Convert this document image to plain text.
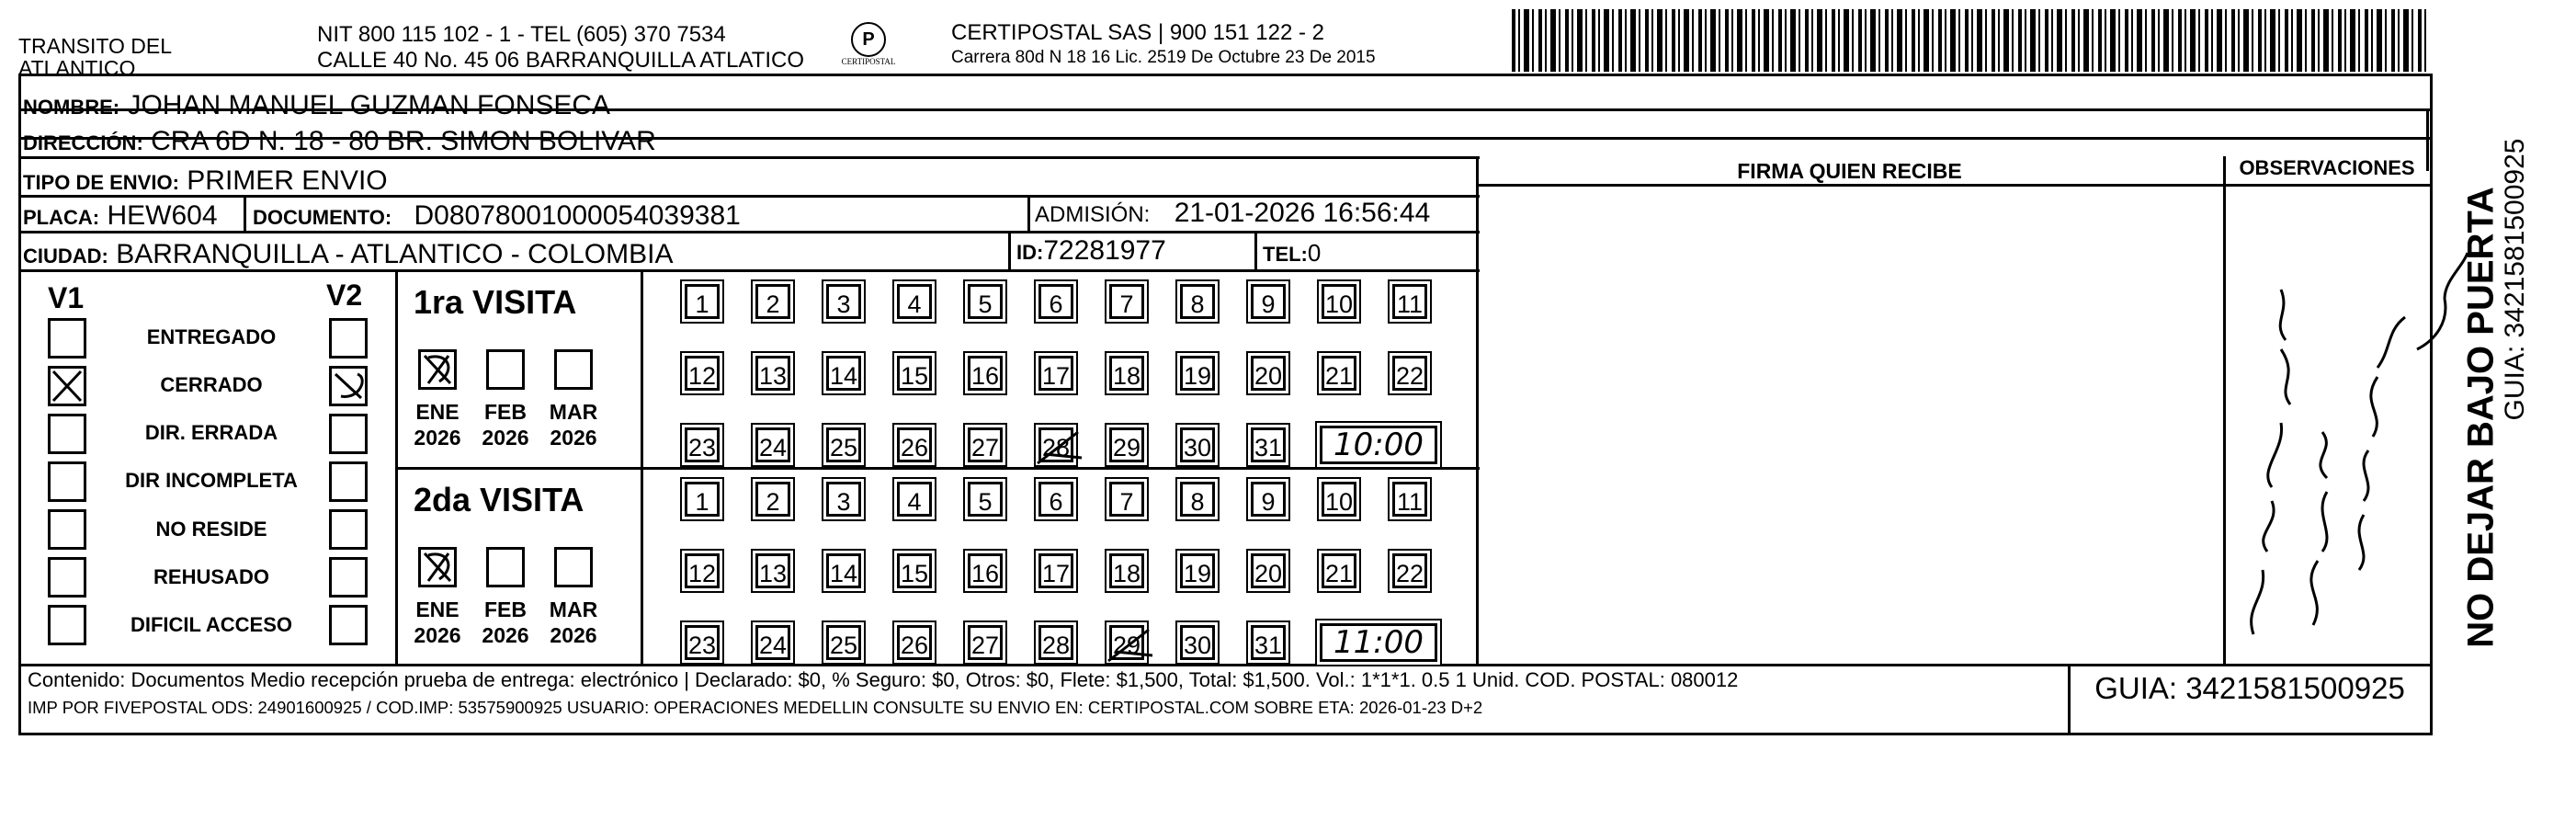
TRANSITO DEL
ATLANTICO
NIT 800 115 102 - 1 - TEL (605) 370 7534
CALLE 40 No. 45 06 BARRANQUILLA ATLATICO
P
CERTIPOSTAL
CERTIPOSTAL SAS | 900 151 122 - 2
Carrera 80d N 18 16 Lic. 2519 De Octubre 23 De 2015
NOMBRE: JOHAN MANUEL GUZMAN FONSECA
DIRECCIÓN: CRA 6D N. 18 - 80 BR. SIMON BOLIVAR
TIPO DE ENVIO: PRIMER ENVIO
PLACA: HEW604 DOCUMENTO: D08078001000054039381	ADMISIÓN: 21-01-2026 16:56:44
CIUDAD: BARRANQUILLA - ATLANTICO - COLOMBIA	ID:72281977	TEL:0
FIRMA QUIEN RECIBE	OBSERVACIONES
V1	V2
ENTREGADO
CERRADO
DIR. ERRADA
DIR INCOMPLETA
NO RESIDE
REHUSADO
DIFICIL ACCESO
1ra VISITA
ENE
2026
FEB
2026
MAR
2026
1	2	3	4	5	6	7	8	9	10 11
12 13 14 15 16 17 18 19 20 21 22
23 24 25 26 27 28 29 30 31	10:00
2da VISITA
ENE
2026
FEB
2026
MAR
2026
1	2	3	4	5	6	7	8	9	10 11
12 13 14 15 16 17 18 19 20 21 22
23 24 25 26 27 28 29 30 31	11:00
Contenido: Documentos Medio recepción prueba de entrega: electrónico | Declarado: $0, % Seguro: $0, Otros: $0, Flete: $1,500, Total: $1,500. Vol.: 1*1*1. 0.5 1 Unid. COD. POSTAL: 080012
IMP POR FIVEPOSTAL ODS: 24901600925 / COD.IMP: 53575900925 USUARIO: OPERACIONES MEDELLIN CONSULTE SU ENVIO EN: CERTIPOSTAL.COM SOBRE ETA: 2026-01-23 D+2
GUIA: 3421581500925
NO DEJAR BAJO PUERTA
GUIA: 3421581500925
